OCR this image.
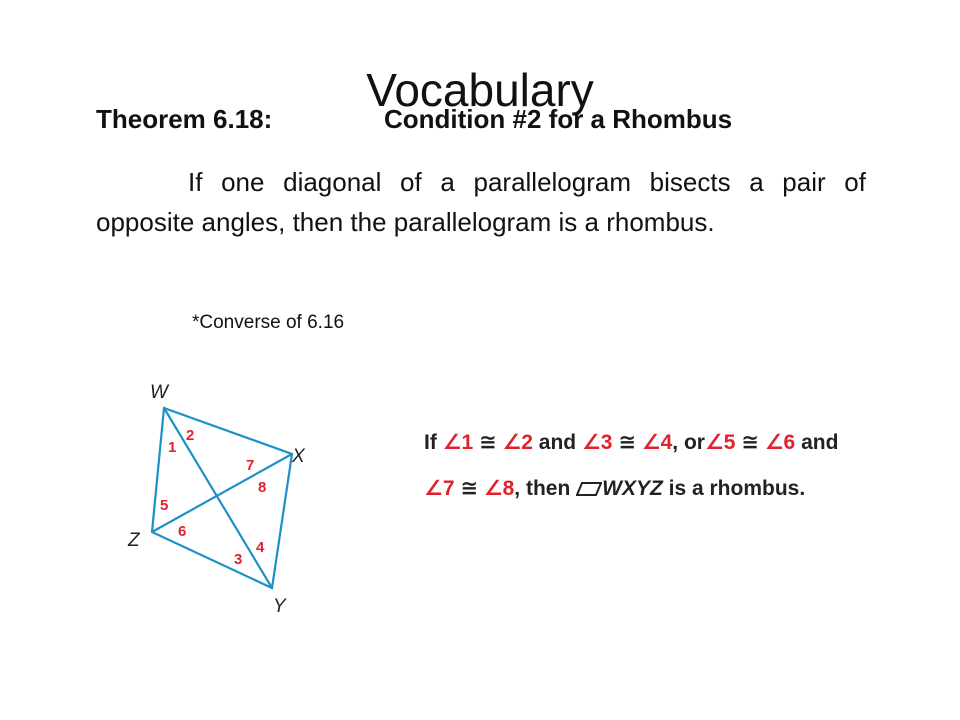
Vocabulary
Theorem 6.18:	Condition #2 for a Rhombus
If one diagonal of a parallelogram bisects a pair of opposite angles, then the parallelogram is a rhombus.
*Converse of 6.16
W
X
Y
Z
1
2
3
4
5
6
7
8
If ∠1 ≅ ∠2 and ∠3 ≅ ∠4, or∠5 ≅ ∠6 and
∠7 ≅ ∠8, then WXYZ is a rhombus.
